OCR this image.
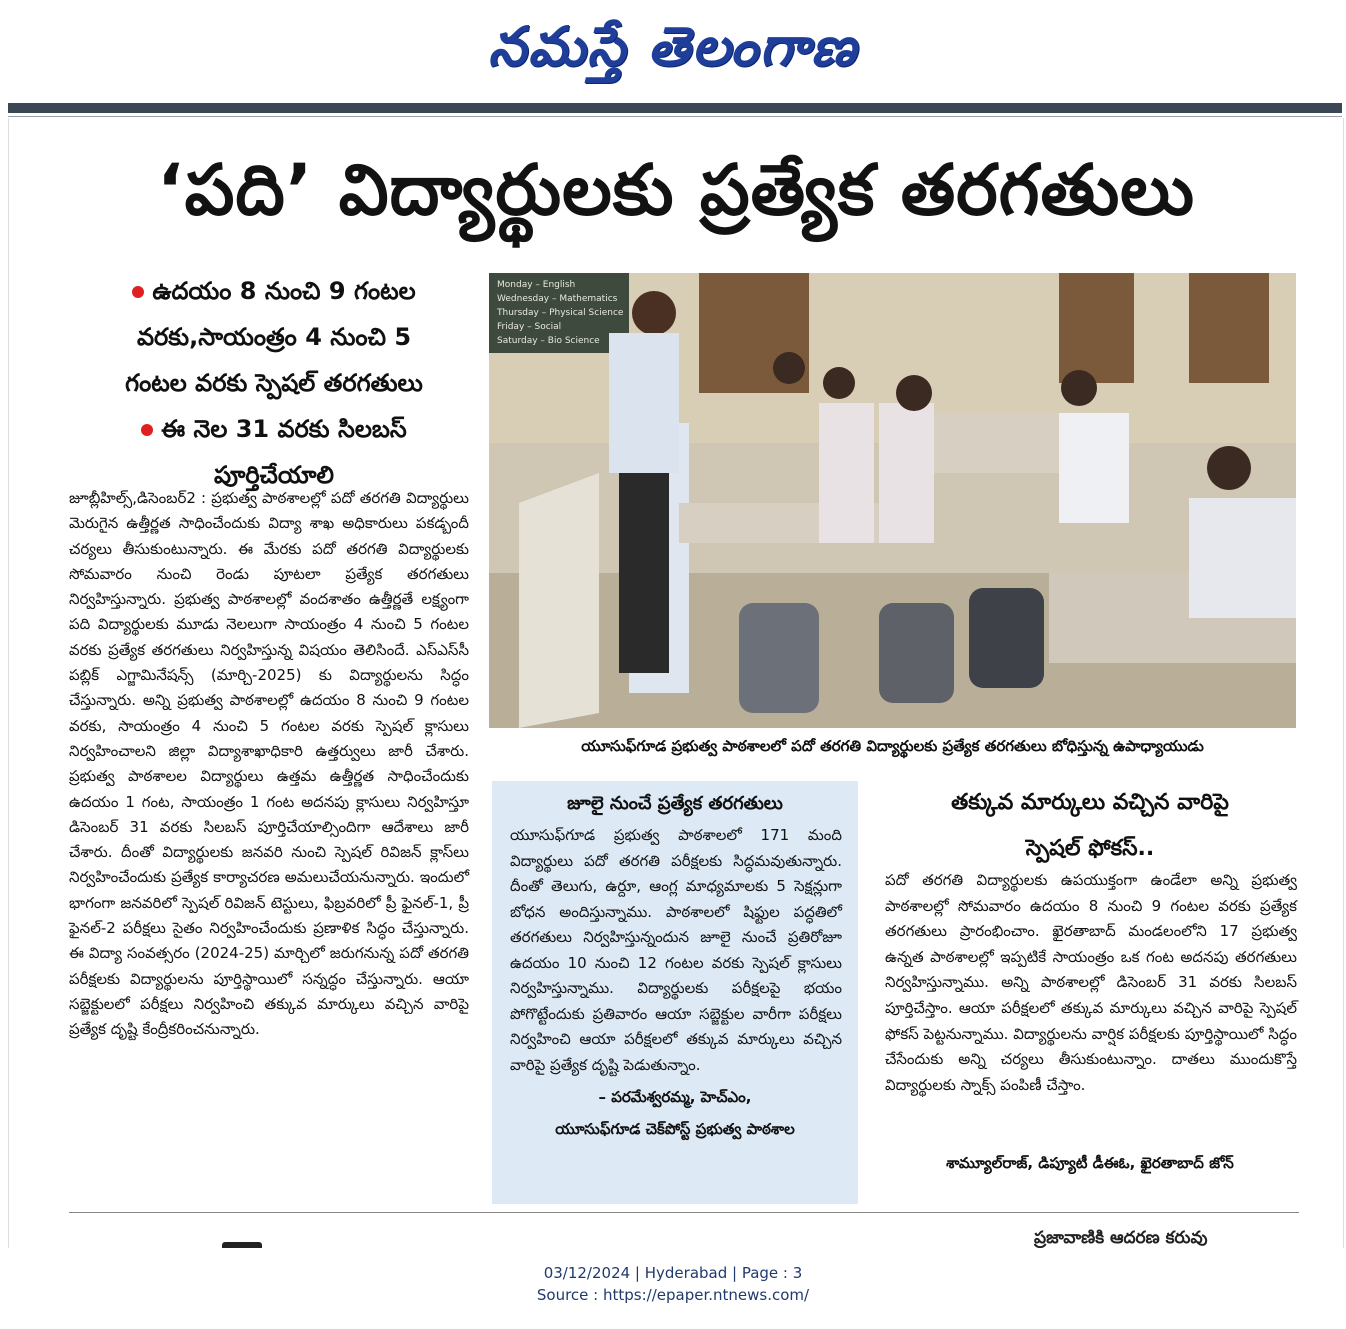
నమస్తే తెలంగాణ
‘పది’ విద్యార్థులకు ప్రత్యేక తరగతులు
ఉదయం 8 నుంచి 9 గంటల
వరకు,సాయంత్రం 4 నుంచి 5
గంటల వరకు స్పెషల్ తరగతులు
ఈ నెల 31 వరకు సిలబస్
పూర్తిచేయాలి
Monday – English
Wednesday – Mathematics
Thursday – Physical Science
Friday – Social
Saturday – Bio Science
యూసుఫ్‌గూడ ప్రభుత్వ పాఠశాలలో పదో తరగతి విద్యార్థులకు ప్రత్యేక తరగతులు బోధిస్తున్న ఉపాధ్యాయుడు
జూబ్లీహిల్స్,డిసెంబర్2 : ప్రభుత్వ పాఠశాలల్లో పదో తరగతి విద్యార్థులు మెరుగైన ఉత్తీర్ణత సాధించేందుకు విద్యా శాఖ అధికారులు పకడ్బందీ చర్యలు తీసుకుంటున్నారు. ఈ మేరకు పదో తరగతి విద్యార్థులకు సోమవారం నుంచి రెండు పూటలా ప్రత్యేక తరగతులు నిర్వహిస్తున్నారు. ప్రభుత్వ పాఠశాలల్లో వందశాతం ఉత్తీర్ణతే లక్ష్యంగా పది విద్యార్థులకు మూడు నెలలుగా సాయంత్రం 4 నుంచి 5 గంటల వరకు ప్రత్యేక తరగతులు నిర్వహిస్తున్న విషయం తెలిసిందే. ఎస్‌ఎస్‌సీ పబ్లిక్ ఎగ్జామినేషన్స్ (మార్చి-2025) కు విద్యార్థులను సిద్ధం చేస్తున్నారు. అన్ని ప్రభుత్వ పాఠశాలల్లో ఉదయం 8 నుంచి 9 గంటల వరకు, సాయంత్రం 4 నుంచి 5 గంటల వరకు స్పెషల్ క్లాసులు నిర్వహించాలని జిల్లా విద్యాశాఖాధికారి ఉత్తర్వులు జారీ చేశారు. ప్రభుత్వ పాఠశాలల విద్యార్థులు ఉత్తమ ఉత్తీర్ణత సాధించేందుకు ఉదయం 1 గంట, సాయంత్రం 1 గంట అదనపు క్లాసులు నిర్వహిస్తూ డిసెంబర్ 31 వరకు సిలబస్ పూర్తిచేయాల్సిందిగా ఆదేశాలు జారీ చేశారు. దీంతో విద్యార్థులకు జనవరి నుంచి స్పెషల్ రివిజన్ క్లాస్‌లు నిర్వహించేందుకు ప్రత్యేక కార్యాచరణ అమలుచేయనున్నారు. ఇందులో భాగంగా జనవరిలో స్పెషల్ రివిజన్ టెస్టులు, ఫిబ్రవరిలో ప్రీ ఫైనల్-1, ప్రీ ఫైనల్-2 పరీక్షలు సైతం నిర్వహించేందుకు ప్రణాళిక సిద్ధం చేస్తున్నారు. ఈ విద్యా సంవత్సరం (2024-25) మార్చిలో జరుగనున్న పదో తరగతి పరీక్షలకు విద్యార్థులను పూర్తిస్థాయిలో సన్నద్ధం చేస్తున్నారు. ఆయా సబ్జెక్టులలో పరీక్షలు నిర్వహించి తక్కువ మార్కులు వచ్చిన వారిపై ప్రత్యేక దృష్టి కేంద్రీకరించనున్నారు.
జూలై నుంచే ప్రత్యేక తరగతులు
యూసుఫ్‌గూడ ప్రభుత్వ పాఠశాలలో 171 మంది విద్యార్థులు పదో తరగతి పరీక్షలకు సిద్ధమవుతున్నారు. దీంతో తెలుగు, ఉర్దూ, ఆంగ్ల మాధ్యమాలకు 5 సెక్షన్లుగా బోధన అందిస్తున్నాము. పాఠశాలలో షిఫ్టుల పద్ధతిలో తరగతులు నిర్వహిస్తున్నందున జూలై నుంచే ప్రతిరోజూ ఉదయం 10 నుంచి 12 గంటల వరకు స్పెషల్ క్లాసులు నిర్వహిస్తున్నాము. విద్యార్థులకు పరీక్షలపై భయం పోగొట్టేందుకు ప్రతివారం ఆయా సబ్జెక్టుల వారీగా పరీక్షలు నిర్వహించి ఆయా పరీక్షలలో తక్కువ మార్కులు వచ్చిన వారిపై ప్రత్యేక దృష్టి పెడుతున్నాం.
– పరమేశ్వరమ్మ, హెచ్‌ఎం,
యూసుఫ్‌గూడ చెక్‌పోస్ట్ ప్రభుత్వ పాఠశాల
తక్కువ మార్కులు వచ్చిన వారిపై
స్పెషల్ ఫోకస్..
పదో తరగతి విద్యార్థులకు ఉపయుక్తంగా ఉండేలా అన్ని ప్రభుత్వ పాఠశాలల్లో సోమవారం ఉదయం 8 నుంచి 9 గంటల వరకు ప్రత్యేక తరగతులు ప్రారంభించాం. ఖైరతాబాద్ మండలంలోని 17 ప్రభుత్వ ఉన్నత పాఠశాలల్లో ఇప్పటికే సాయంత్రం ఒక గంట అదనపు తరగతులు నిర్వహిస్తున్నాము. అన్ని పాఠశాలల్లో డిసెంబర్ 31 వరకు సిలబస్ పూర్తిచేస్తాం. ఆయా పరీక్షలలో తక్కువ మార్కులు వచ్చిన వారిపై స్పెషల్ ఫోకస్ పెట్టనున్నాము. విద్యార్థులను వార్షిక పరీక్షలకు పూర్తిస్థాయిలో సిద్ధం చేసేందుకు అన్ని చర్యలు తీసుకుంటున్నాం. దాతలు ముందుకొస్తే విద్యార్థులకు స్నాక్స్ పంపిణీ చేస్తాం.
శామ్యూల్‌రాజ్, డిప్యూటీ డీఈఓ, ఖైరతాబాద్ జోన్
ప్రజావాణికి ఆదరణ కరువు
03/12/2024 | Hyderabad | Page : 3
Source : https://epaper.ntnews.com/
